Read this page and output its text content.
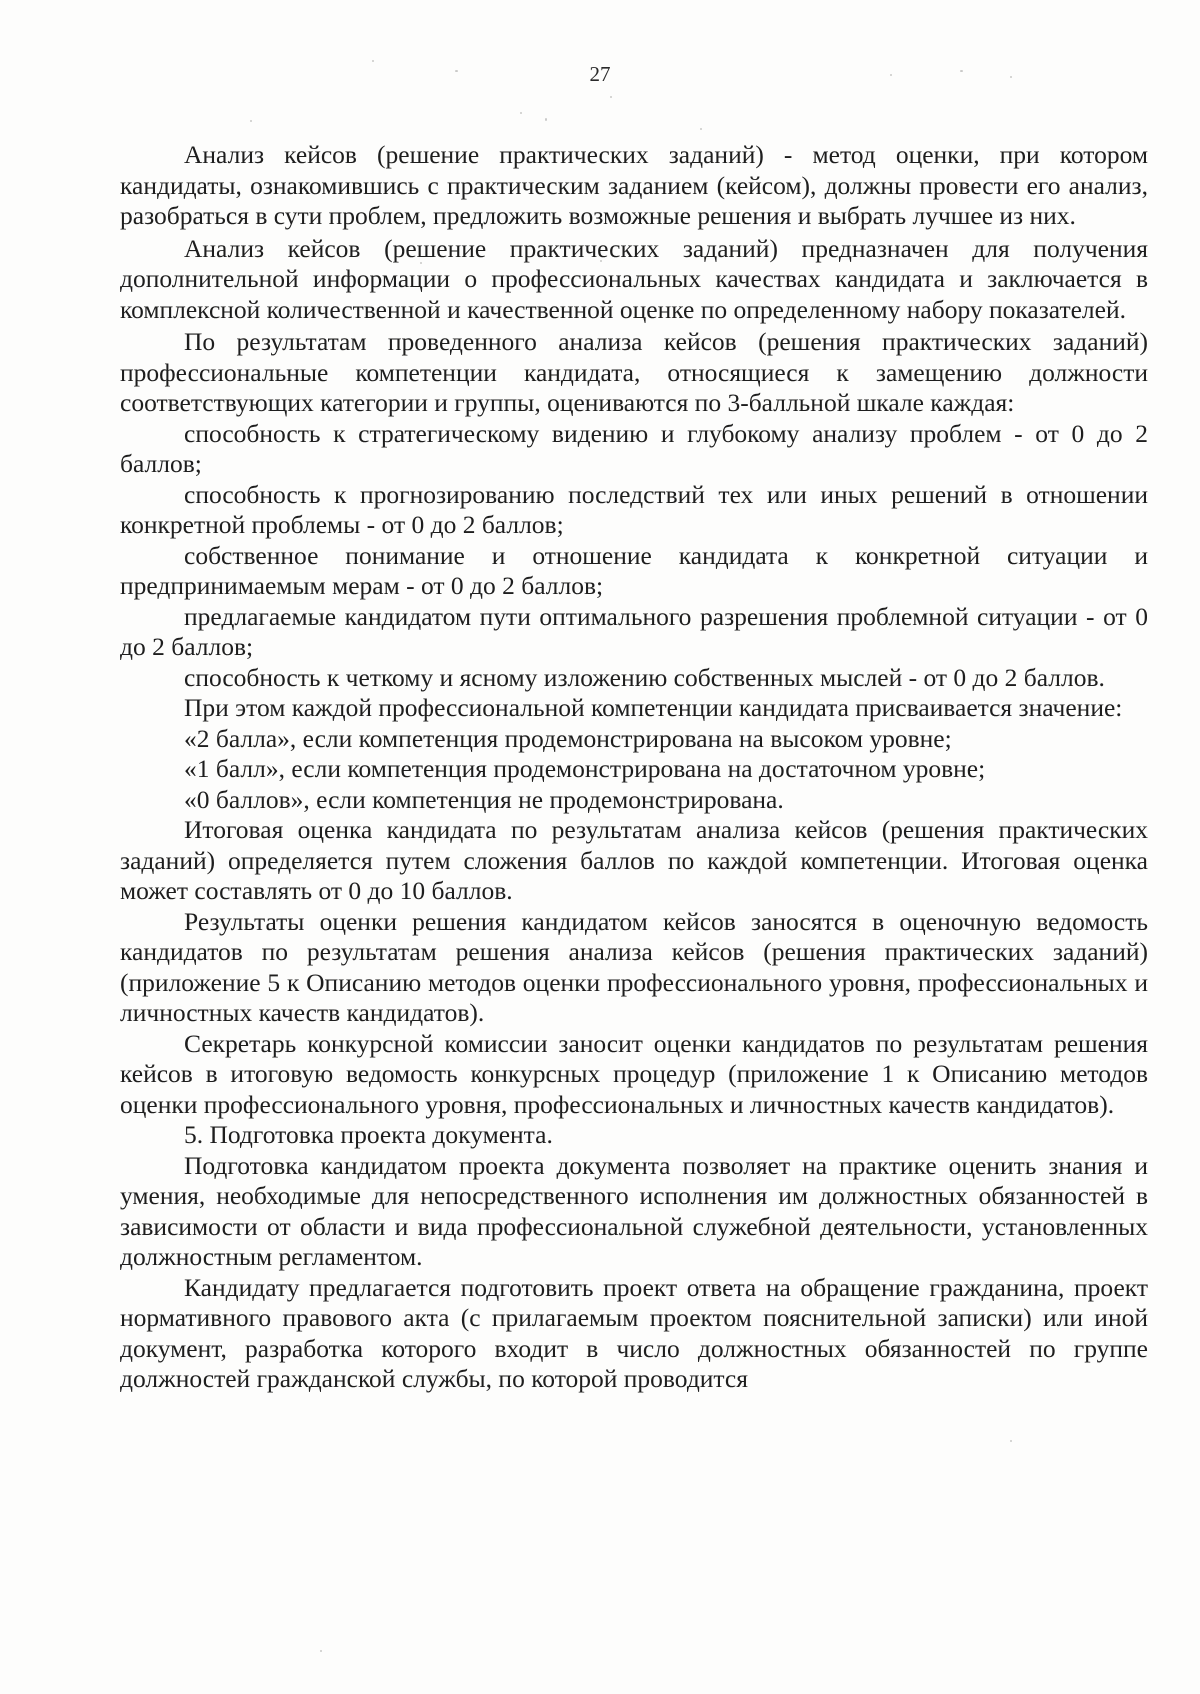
27

Анализ кейсов (решение практических заданий) - метод оценки, при котором кандидаты, ознакомившись с практическим заданием (кейсом), должны провести его анализ, разобраться в сути проблем, предложить возможные решения и выбрать лучшее из них.

Анализ кейсов (решение практических заданий) предназначен для получения дополнительной информации о профессиональных качествах кандидата и заключается в комплексной количественной и качественной оценке по определенному набору показателей.

По результатам проведенного анализа кейсов (решения практических заданий) профессиональные компетенции кандидата, относящиеся к замещению должности соответствующих категории и группы, оцениваются по 3-балльной шкале каждая:

способность к стратегическому видению и глубокому анализу проблем - от 0 до 2 баллов;

способность к прогнозированию последствий тех или иных решений в отношении конкретной проблемы - от 0 до 2 баллов;

собственное понимание и отношение кандидата к конкретной ситуации и предпринимаемым мерам - от 0 до 2 баллов;

предлагаемые кандидатом пути оптимального разрешения проблемной ситуации - от 0 до 2 баллов;

способность к четкому и ясному изложению собственных мыслей - от 0 до 2 баллов.

При этом каждой профессиональной компетенции кандидата присваивается значение:

«2 балла», если компетенция продемонстрирована на высоком уровне;

«1 балл», если компетенция продемонстрирована на достаточном уровне;

«0 баллов», если компетенция не продемонстрирована.

Итоговая оценка кандидата по результатам анализа кейсов (решения практических заданий) определяется путем сложения баллов по каждой компетенции. Итоговая оценка может составлять от 0 до 10 баллов.

Результаты оценки решения кандидатом кейсов заносятся в оценочную ведомость кандидатов по результатам решения анализа кейсов (решения практических заданий) (приложение 5 к Описанию методов оценки профессионального уровня, профессиональных и личностных качеств кандидатов).

Секретарь конкурсной комиссии заносит оценки кандидатов по результатам решения кейсов в итоговую ведомость конкурсных процедур (приложение 1 к Описанию методов оценки профессионального уровня, профессиональных и личностных качеств кандидатов).

5. Подготовка проекта документа.

Подготовка кандидатом проекта документа позволяет на практике оценить знания и умения, необходимые для непосредственного исполнения им должностных обязанностей в зависимости от области и вида профессиональной служебной деятельности, установленных должностным регламентом.

Кандидату предлагается подготовить проект ответа на обращение гражданина, проект нормативного правового акта (с прилагаемым проектом пояснительной записки) или иной документ, разработка которого входит в число должностных обязанностей по группе должностей гражданской службы, по которой проводится
